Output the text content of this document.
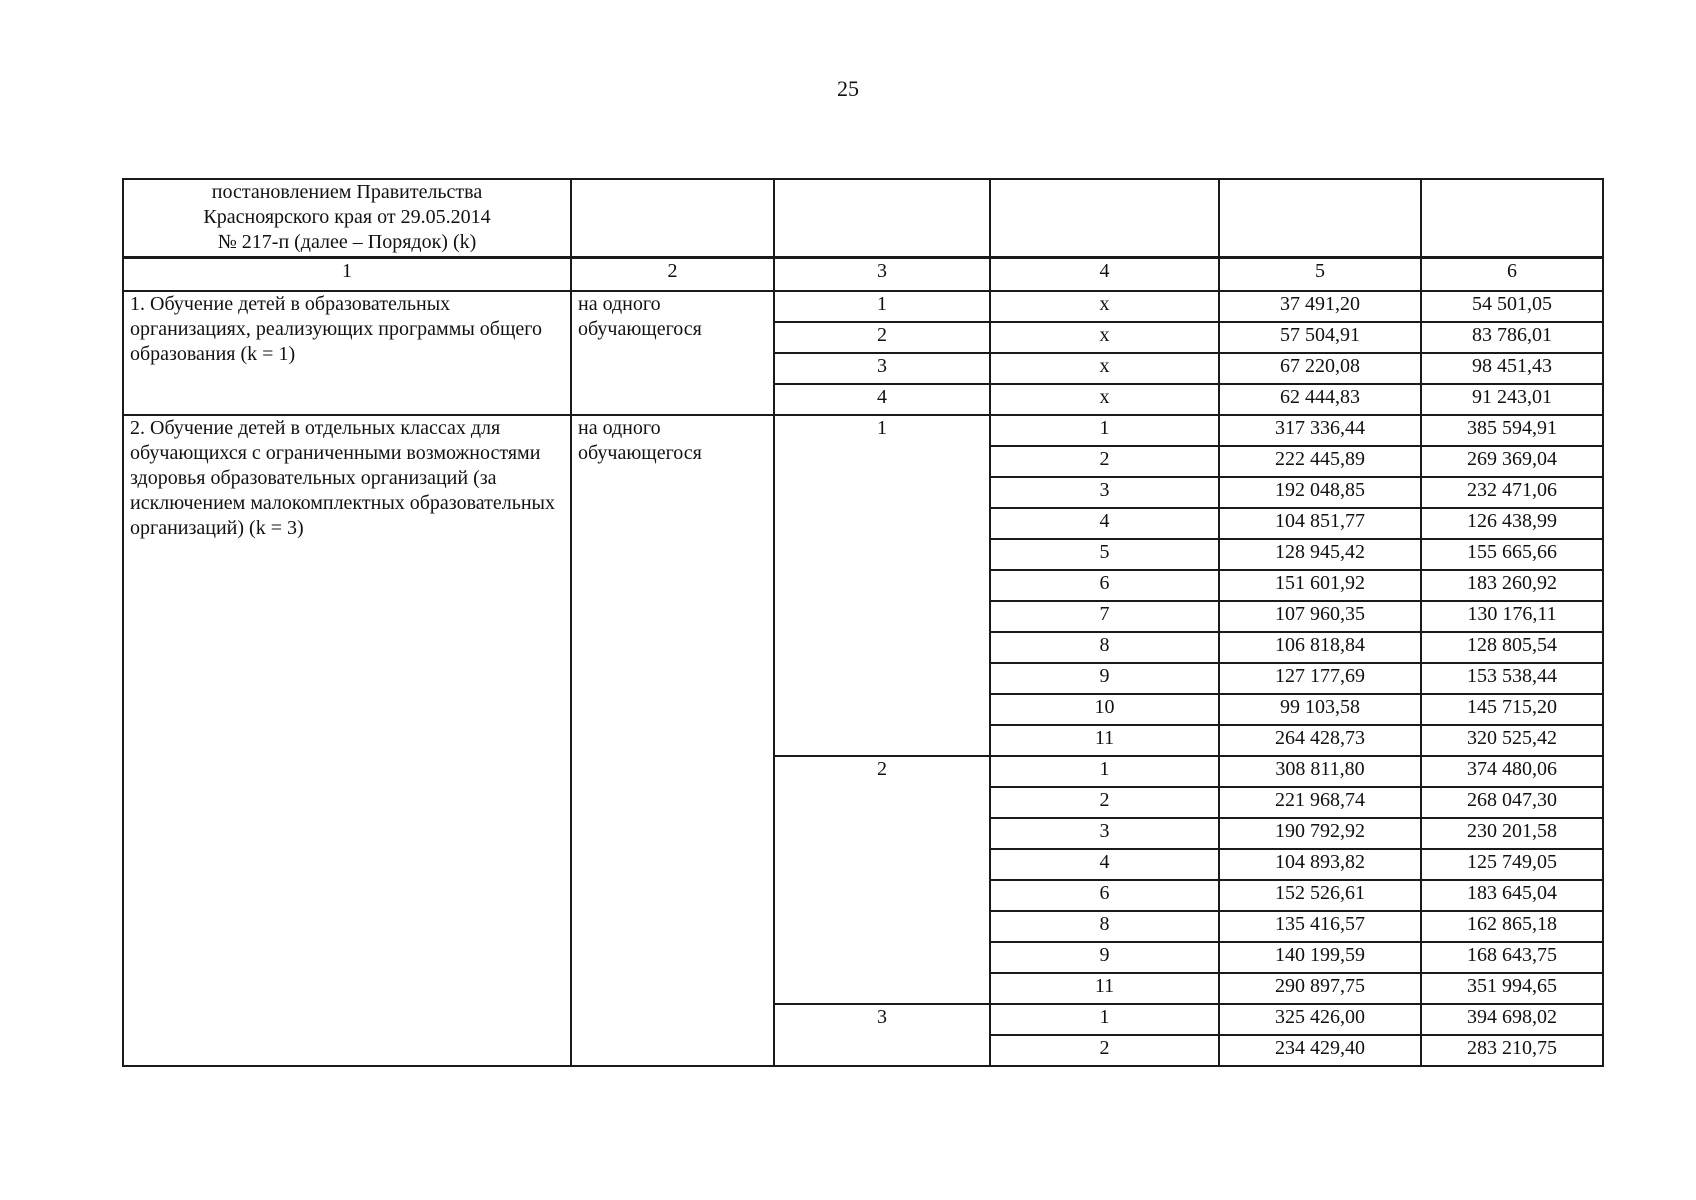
25
постановлением Правительства
Красноярского края от 29.05.2014
№ 217-п (далее – Порядок) (k)					

1	2	3	4	5	6
1. Обучение детей в образовательных организациях, реализующих программы общего образования (k = 1)	на одного обучающегося	1	х	37 491,20	54 501,05
		2	х	57 504,91	83 786,01
		3	х	67 220,08	98 451,43
		4	х	62 444,83	91 243,01
2. Обучение детей в отдельных классах для обучающихся с ограниченными возможностями здоровья образовательных организаций (за исключением малокомплектных образовательных организаций) (k = 3)	на одного обучающегося	1	1	317 336,44	385 594,91
			2	222 445,89	269 369,04
			3	192 048,85	232 471,06
			4	104 851,77	126 438,99
			5	128 945,42	155 665,66
			6	151 601,92	183 260,92
			7	107 960,35	130 176,11
			8	106 818,84	128 805,54
			9	127 177,69	153 538,44
			10	99 103,58	145 715,20
			11	264 428,73	320 525,42
		2	1	308 811,80	374 480,06
			2	221 968,74	268 047,30
			3	190 792,92	230 201,58
			4	104 893,82	125 749,05
			6	152 526,61	183 645,04
			8	135 416,57	162 865,18
			9	140 199,59	168 643,75
			11	290 897,75	351 994,65
		3	1	325 426,00	394 698,02
			2	234 429,40	283 210,75
